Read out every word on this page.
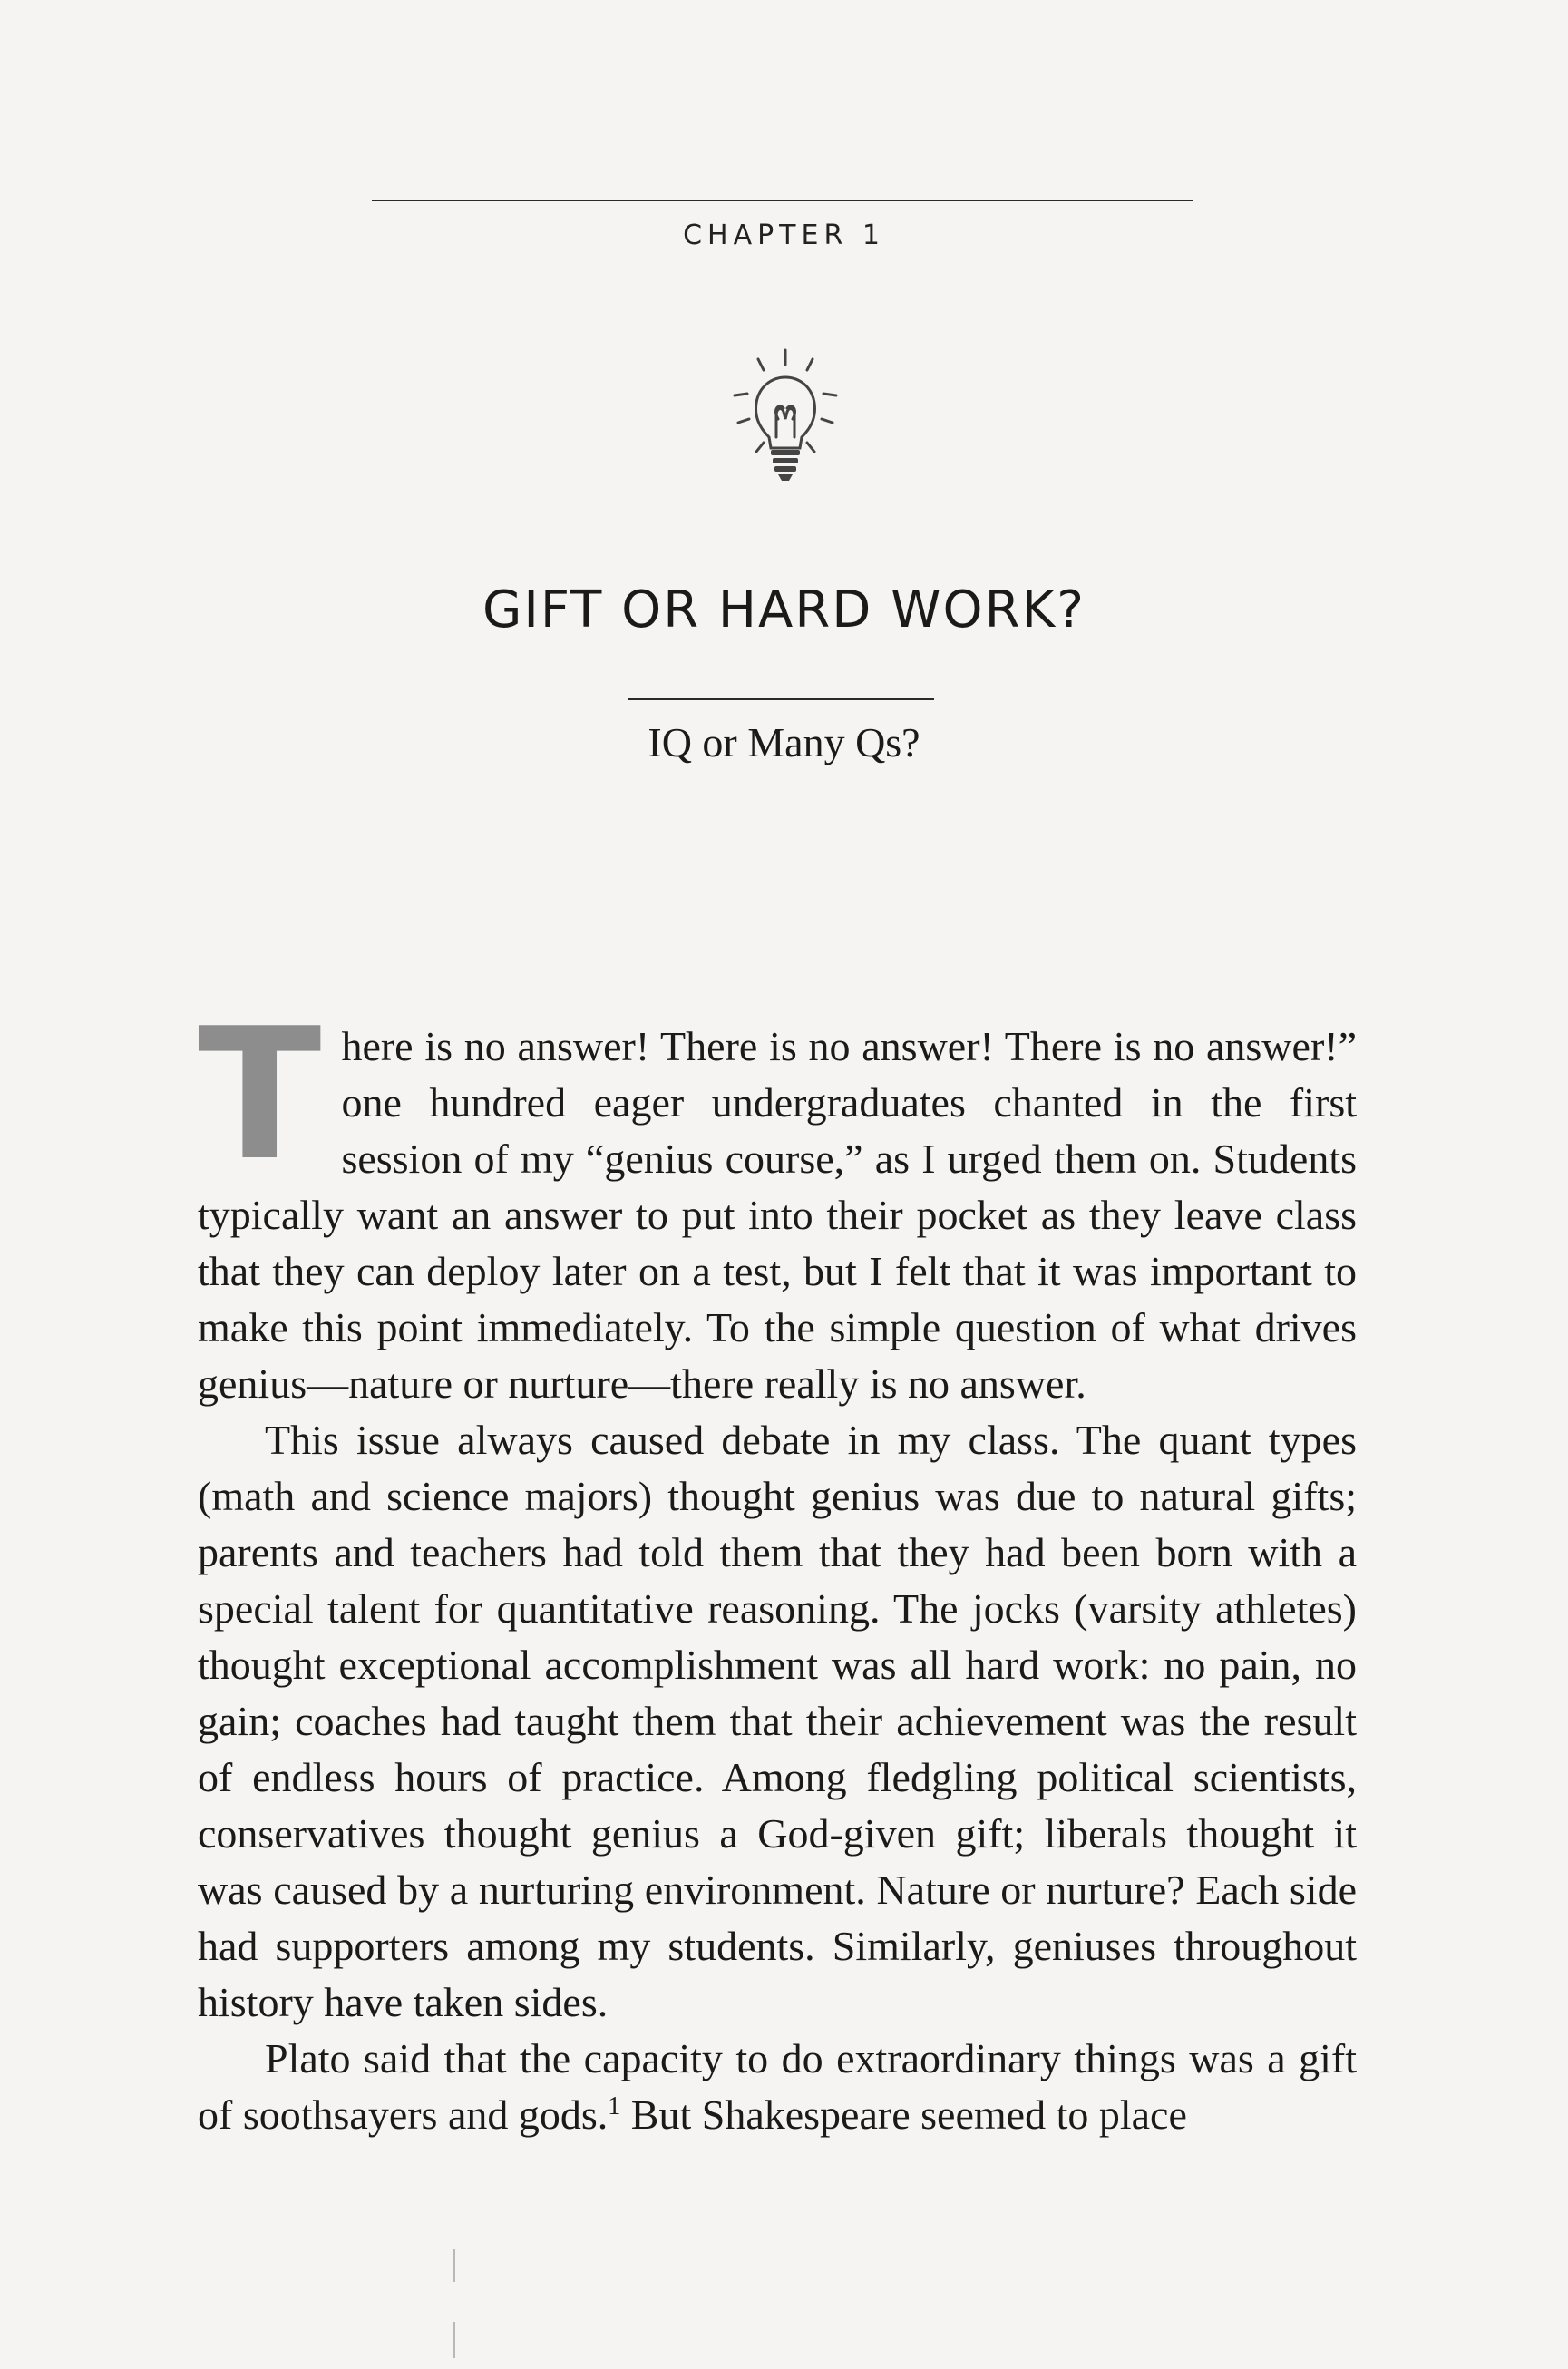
CHAPTER 1
GIFT OR HARD WORK?
IQ or Many Qs?

There is no answer! There is no answer! There is no answer!” one hundred eager undergraduates chanted in the first session of my “genius course,” as I urged them on. Students typically want an answer to put into their pocket as they leave class that they can deploy later on a test, but I felt that it was important to make this point immediately. To the simple question of what drives genius—nature or nurture—there really is no answer.

This issue always caused debate in my class. The quant types (math and science majors) thought genius was due to natural gifts; parents and teachers had told them that they had been born with a special talent for quantitative reasoning. The jocks (varsity athletes) thought exceptional accomplishment was all hard work: no pain, no gain; coaches had taught them that their achievement was the result of endless hours of practice. Among fledgling political scientists, conservatives thought genius a God-given gift; liberals thought it was caused by a nurturing environment. Nature or nurture? Each side had supporters among my students. Similarly, geniuses throughout history have taken sides.

Plato said that the capacity to do extraordinary things was a gift of soothsayers and gods.$^1$ But Shakespeare seemed to place
